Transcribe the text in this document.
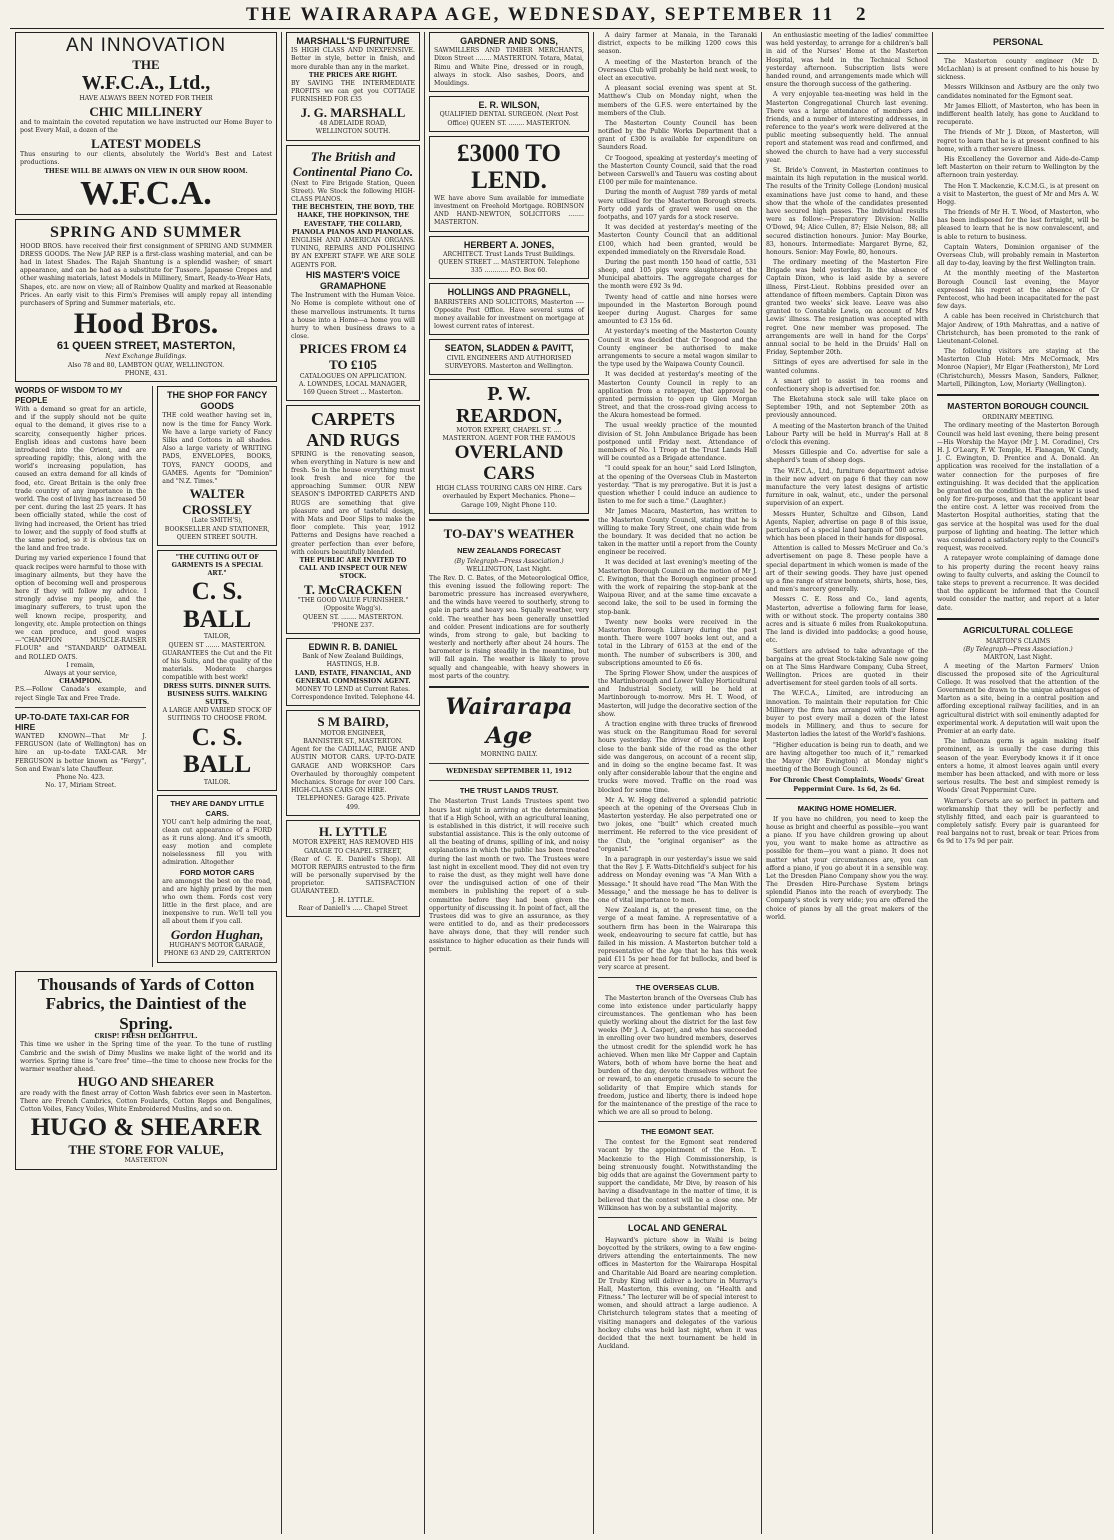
THE WAIRARAPA AGE, WEDNESDAY, SEPTEMBER 11 2
AN INNOVATION
THE
W.F.C.A., Ltd.,
HAVE ALWAYS BEEN NOTED FOR THEIR
CHIC MILLINERY
and to maintain the coveted reputation we have instructed our Home Buyer to post Every Mail, a dozen of the
LATEST MODELS
Thus ensuring to our clients, absolutely the World's Best and Latest productions.
THESE WILL BE ALWAYS ON VIEW IN OUR SHOW ROOM.
W.F.C.A.
SPRING AND SUMMER
HOOD BROS. have received their first consignment of SPRING AND SUMMER DRESS GOODS. The New JAP REP is a first-class washing material, and can be had in latest Shades. The Rajah Shantung is a splendid washer; of smart appearance, and can be had as a substitute for Tussore. Japanese Crepes and other washing materials, latest Models in Millinery, Smart, Ready-to-Wear Hats, Shapes, etc. are now on view; all of Rainbow Quality and marked at Reasonable Prices. An early visit to this Firm's Premises will amply repay all intending purchasers of Spring and Summer materials, etc.
Hood Bros.
61 QUEEN STREET, MASTERTON,
Next Exchange Buildings.
Also 78 and 80, LAMBTON QUAY, WELLINGTON.
PHONE, 431.
WORDS OF WISDOM TO MY PEOPLE
With a demand so great for an article, and if the supply should not be quite equal to the demand, it gives rise to a scarcity, consequently higher prices. English ideas and customs have been introduced into the Orient, and are spreading rapidly; this, along with the world's increasing population, has caused an extra demand for all kinds of food, etc. Great Britain is the only free trade country of any importance in the world. The cost of living has increased 50 per cent. during the last 25 years. It has been officially stated, while the cost of living had increased, the Orient has tried to lower, and the supply of food stuffs at the same period, so it is obvious tax on the land and free trade.
During my varied experience I found that quack recipes were harmful to those with imaginary ailments, but they have the option of becoming well and prosperous here if they will follow my advice. I strongly advise my people, and the imaginary sufferers, to trust upon the well known recipe, prosperity, and longevity, etc. Ample protection on things we can produce, and good wages—"CHAMPION MUSCLE-RAISER FLOUR" and "STANDARD" OATMEAL and ROLLED OATS.
I remain,
Always at your service,
CHAMPION.
P.S.—Follow Canada's example, and reject Single Tax and Free Trade.
UP-TO-DATE TAXI-CAR FOR HIRE
WANTED KNOWN—That Mr J. FERGUSON (late of Wellington) has on hire an up-to-date TAXI-CAR. Mr FERGUSON is better known as "Fergy", Son and Ewan's late Chauffeur.
Phone No. 423.
No. 17, Miriam Street.
THE SHOP FOR FANCY GOODS
THE cold weather having set in, now is the time for Fancy Work. We have a large variety of Fancy Silks and Cottons in all shades. Also a large variety of WRITING PADS, ENVELOPES, BOOKS, TOYS, FANCY GOODS, and GAMES. Agents for "Dominion" and "N.Z. Times."
WALTER CROSSLEY
(Late SMITH'S),
BOOKSELLER AND STATIONER, QUEEN STREET SOUTH.
"THE CUTTING OUT OF GARMENTS IS A SPECIAL ART."
C. S. BALL
TAILOR,
QUEEN ST ....... MASTERTON.
GUARANTEES the Cut and the Fit of his Suits, and the quality of the materials. Moderate charges compatible with best work!
DRESS SUITS. DINNER SUITS. BUSINESS SUITS. WALKING SUITS.
A LARGE AND VARIED STOCK OF SUITINGS TO CHOOSE FROM.
C. S. BALL
TAILOR.
THEY ARE DANDY LITTLE CARS.
YOU can't help admiring the neat, clean cut appearance of a FORD as it runs along. And it's smooth, easy motion and complete noiselessness fill you with admiration. Altogether
FORD MOTOR CARS
are amongst the best on the road, and are highly prized by the men who own them. Fords cost very little in the first place, and are inexpensive to run. We'll tell you all about them if you call.
Gordon Hughan,
HUGHAN'S MOTOR GARAGE,
PHONE 63 AND 29, CARTERTON
Thousands of Yards of Cotton Fabrics, the Daintiest of the Spring.
CRISP! FRESH DELIGHTFUL.
This time we usher in the Spring time of the year. To the tune of rustling Cambric and the swish of Dimy Muslins we make light of the world and its worries. Spring time is "care free" time—the time to choose new frocks for the warmer weather ahead.
HUGO AND SHEARER
are ready with the finest array of Cotton Wash fabrics ever seen in Masterton. There are French Cambrics, Cotton Foulards, Cotton Repps and Bengalines, Cotton Voiles, Fancy Voiles, White Embroidered Muslins, and so on.
HUGO & SHEARER
THE STORE FOR VALUE,
MASTERTON
MARSHALL'S FURNITURE
IS HIGH CLASS AND INEXPENSIVE. Better in style, better in finish, and more durable than any in the market.
THE PRICES ARE RIGHT.
BY SAVING THE INTERMEDIATE PROFITS we can get you COTTAGE FURNISHED FOR £35
J. G. MARSHALL
48 ADELAIDE ROAD,
WELLINGTON SOUTH.
The British and Continental Piano Co.
(Next to Fire Brigade Station, Queen Street). We Stock the following HIGH-CLASS PIANOS.
THE BECHSTEIN, THE BOYD, THE HAAKE, THE HOPKINSON, THE EAVESTAFF, THE COLLARD, PIANOLA PIANOS AND PIANOLAS.
ENGLISH AND AMERICAN ORGANS. TUNING, REPAIRS AND POLISHING BY AN EXPERT STAFF. WE ARE SOLE AGENTS FOR.
HIS MASTER'S VOICE GRAMAPHONE
The Instrument with the Human Voice. No Home is complete without one of these marvellous instruments. It turns a house into a Home—a home you will hurry to when business draws to a close.
PRICES FROM £4 TO £105
CATALOGUES ON APPLICATION.
A. LOWNDES, LOCAL MANAGER,
169 Queen Street ... Masterton.
CARPETS AND RUGS
SPRING is the renovating season, when everything in Nature is new and fresh. So in the house everything must look fresh and nice for the approaching Summer. OUR NEW SEASON'S IMPORTED CARPETS AND RUGS are something that give pleasure and are of tasteful design, with Mats and Door Slips to make the floor complete. This year, 1912 Patterns and Designs have reached a greater perfection than ever before, with colours beautifully blended.
THE PUBLIC ARE INVITED TO CALL AND INSPECT OUR NEW STOCK.
T. McCRACKEN
"THE GOOD VALUE FURNISHER."
(Opposite Wagg's).
QUEEN ST. ........ MASTERTON.
'PHONE 237.
EDWIN R. B. DANIEL
Bank of New Zealand Buildings, HASTINGS, H.B.
LAND, ESTATE, FINANCIAL, AND GENERAL COMMISSION AGENT.
MONEY TO LEND at Current Rates.
Correspondence Invited. Telephone 44.
S M BAIRD,
MOTOR ENGINEER,
BANNISTER ST., MASTERTON.
Agent for the CADILLAC, PAIGE AND AUSTIN MOTOR CARS. UP-TO-DATE GARAGE AND WORKSHOP. Cars Overhauled by thoroughly competent Mechanics. Storage for over 100 Cars. HIGH-CLASS CARS ON HIRE.
TELEPHONES: Garage 425. Private 499.
H. LYTTLE
MOTOR EXPERT, HAS REMOVED HIS GARAGE TO CHAPEL STREET,
(Rear of C. E. Daniell's Shop). All MOTOR REPAIRS entrusted to the firm will be personally supervised by the proprietor. SATISFACTION GUARANTEED.
J. H. LYTTLE.
Rear of Daniell's ..... Chapel Street
GARDNER AND SONS,
SAWMILLERS AND TIMBER MERCHANTS, Dixon Street ........ MASTERTON. Totara, Matai, Rimu and White Pine, dressed or in rough, always in stock. Also sashes, Doors, and Mouldings.
E. R. WILSON,
QUALIFIED DENTAL SURGEON. (Next Post Office) QUEEN ST. ........ MASTERTON.
£3000 TO LEND.
WE have above Sum available for immediate investment on Freehold Mortgage. ROBINSON AND HAND-NEWTON, SOLICITORS ........ MASTERTON.
HERBERT A. JONES,
ARCHITECT. Trust Lands Trust Buildings. QUEEN STREET ... MASTERTON. Telephone 335 ............ P.O. Box 60.
HOLLINGS AND PRAGNELL,
BARRISTERS AND SOLICITORS, Masterton ---- Opposite Post Office. Have several sums of money available for investment on mortgage at lowest current rates of interest.
SEATON, SLADDEN & PAVITT,
CIVIL ENGINEERS AND AUTHORISED SURVEYORS. Masterton and Wellington.
P. W. REARDON,
MOTOR EXPERT, CHAPEL ST. .... MASTERTON. AGENT FOR THE FAMOUS
OVERLAND CARS
HIGH CLASS TOURING CARS ON HIRE. Cars overhauled by Expert Mechanics. Phone—Garage 109, Night Phone 110.
TO-DAY'S WEATHER
NEW ZEALANDS FORECAST
(By Telegraph—Press Association.)
WELLINGTON, Last Night.
The Rev. D. C. Bates, of the Meteorological Office, this evening issued the following report: The barometric pressure has increased everywhere, and the winds have veered to southerly, strong to gale in parts and heavy sea. Squally weather, very cold. The weather has been generally unsettled and colder. Present indications are for southerly winds, from strong to gale, but backing to westerly and northerly after about 24 hours. The barometer is rising steadily in the meantime, but will fall again. The weather is likely to prove squally and changeable, with heavy showers in most parts of the country.
Wairarapa Age
MORNING DAILY.
WEDNESDAY SEPTEMBER 11, 1912
THE TRUST LANDS TRUST.
The Masterton Trust Lands Trustees spent two hours last night in arriving at the determination that if a High School, with an agricultural leaning, is established in this district, it will receive such substantial assistance. This is the only outcome of all the beating of drums, spilling of ink, and noisy explanations in which the public has been treated during the last month or two. The Trustees were last night in excellent mood. They did not even try to raise the dust, as they might well have done over the undisguised action of one of their members in publishing the report of a sub-committee before they had been given the opportunity of discussing it. In point of fact, all the Trustees did was to give an assurance, as they were entitled to do, and as their predecessors have always done, that they will render such assistance to higher education as their funds will permit.

A dairy farmer at Manaia, in the Taranaki district, expects to be milking 1200 cows this season.

A meeting of the Masterton branch of the Overseas Club will probably be held next week, to elect an executive.

A pleasant social evening was spent at St. Matthew's Club on Monday night, when the members of the G.F.S. were entertained by the members of the Club.

The Masterton County Council has been notified by the Public Works Department that a grant of £300 is available for expenditure on Saunders Road.

Cr Toogood, speaking at yesterday's meeting of the Masterton County Council, said that the road between Carswell's and Taueru was costing about £100 per mile for maintenance.

During the month of August 789 yards of metal were utilised for the Masterton Borough streets. Forty odd yards of gravel were used on the footpaths, and 107 yards for a stock reserve.

It was decided at yesterday's meeting of the Masterton County Council that an additional £100, which had been granted, would be expended immediately on the Riversdale Road.

During the past month 150 head of cattle, 531 sheep, and 105 pigs were slaughtered at the Municipal abattoirs. The aggregate charges for the month were £92 3s 9d.

Twenty head of cattle and nine horses were impounded in the Masterton Borough pound keeper during August. Charges for same amounted to £3 15s 6d.

At yesterday's meeting of the Masterton County Council it was decided that Cr Toogood and the County engineer be authorised to make arrangements to secure a metal wagon similar to the type used by the Waipawa County Council.

It was decided at yesterday's meeting of the Masterton County Council in reply to an application from a ratepayer, that approval be granted permission to open up Glen Morgan Street, and that the cross-road giving access to the Akura homestead be formed.

The usual weekly practice of the mounted division of St. John Ambulance Brigade has been postponed until Friday next. Attendance of members of No. 1 Troop at the Trust Lands Hall will be counted as a Brigade attendance.

"I could speak for an hour," said Lord Islington, at the opening of the Overseas Club in Masterton yesterday. "That is my prerogative. But it is just a question whether I could induce an audience to listen to me for such a time." (Laughter.)

Mr James Macara, Masterton, has written to the Masterton County Council, stating that he is willing to make Tory Street, one chain wide from the boundary. It was decided that no action be taken in the matter until a report from the County engineer be received.

It was decided at last evening's meeting of the Masterton Borough Council on the motion of Mr J. C. Ewington, that the Borough engineer proceed with the work of repairing the stop-bank at the Waipoua River, and at the same time excavate a second lake, the soil to be used in forming the stop-bank.

Twenty new books were received in the Masterton Borough Library during the past month. There were 1007 books lent out, and a total in the Library of 6153 at the end of the month. The number of subscribers is 300, and subscriptions amounted to £6 6s.

The Spring Flower Show, under the auspices of the Martinborough and Lower Valley Horticultural and Industrial Society, will be held at Martinborough to-morrow. Mrs H. T. Wood, of Masterton, will judge the decorative section of the show.

A traction engine with three trucks of firewood was stuck on the Rangitumau Road for several hours yesterday. The driver of the engine kept close to the bank side of the road as the other side was dangerous, on account of a recent slip, and in doing so the engine became fast. It was only after considerable labour that the engine and trucks were moved. Traffic on the road was blocked for some time.

Mr A. W. Hogg delivered a splendid patriotic speech at the opening of the Overseas Club in Masterton yesterday. He also perpetrated one or two jokes, one "built" which created much merriment. He referred to the vice president of the Club, the "original organiser" as the "organist."

In a paragraph in our yesterday's issue we said that the Rev J. F. Watts-Ditchfield's subject for his address on Monday evening was "A Man With a Message." It should have read "The Man With the Message," and the message he has to deliver is one of vital importance to men.

New Zealand is, at the present time, on the verge of a meat famine. A representative of a southern firm has been in the Wairarapa this week, endeavouring to secure fat cattle, but has failed in his mission. A Masterton butcher told a representative of the Age that he has this week paid £11 5s per head for fat bullocks, and beef is very scarce at present.

THE OVERSEAS CLUB.

The Masterton branch of the Overseas Club has come into existence under particularly happy circumstances. The gentleman who has been quietly working about the district for the last few weeks (Mr J. A. Casper), and who has succeeded in enrolling over two hundred members, deserves the utmost credit for the splendid work he has achieved. When men like Mr Capper and Captain Waters, both of whom have borne the heat and burden of the day, devote themselves without fee or reward, to an energetic crusade to secure the solidarity of that Empire which stands for freedom, justice and liberty, there is indeed hope for the maintenance of the prestige of the race to which we are all so proud to belong.

THE EGMONT SEAT.

The contest for the Egmont seat rendered vacant by the appointment of the Hon. T. Mackenzie to the High Commissionership, is being strenuously fought. Notwithstanding the big odds that are against the Government party to support the candidate, Mr Dive, by reason of his having a disadvantage in the matter of time, it is believed that the contest will be a close one. Mr Wilkinson has won by a substantial majority.

LOCAL AND GENERAL

Hayward's picture show in Waihi is being boycotted by the strikers, owing to a few engine-drivers attending the entertainments. The new offices in Masterton for the Wairarapa Hospital and Charitable Aid Board are nearing completion. Dr Truby King will deliver a lecture in Murray's Hall, Masterton, this evening, on "Health and Fitness." The lecturer will be of special interest to women, and should attract a large audience. A Christchurch telegram states that a meeting of visiting managers and delegates of the various hockey clubs was held last night, when it was decided that the next tournament be held in Auckland.

An enthusiastic meeting of the ladies' committee was held yesterday, to arrange for a children's ball in aid of the Nurses' Home at the Masterton Hospital, was held in the Technical School yesterday afternoon. Subscription lists were handed round, and arrangements made which will ensure the thorough success of the gathering.

A very enjoyable tea-meeting was held in the Masterton Congregational Church last evening. There was a large attendance of members and friends, and a number of interesting addresses, in reference to the year's work were delivered at the public meeting subsequently held. The annual report and statement was read and confirmed, and showed the church to have had a very successful year.

St. Bride's Convent, in Masterton continues to maintain its high reputation in the musical world. The results of the Trinity College (London) musical examinations have just come to hand, and these show that the whole of the candidates presented have secured high passes. The individual results were as follow:—Preparatory Division: Nellie O'Dowd, 94; Alice Cullen, 87; Elsie Nelson, 88; all secured distinction honours. Junior: May Bourke, 83, honours. Intermediate: Margaret Byrne, 82, honours. Senior: May Fowle, 80, honours.

The ordinary meeting of the Masterton Fire Brigade was held yesterday. In the absence of Captain Dixon, who is laid aside by a severe illness, First-Lieut. Robbins presided over an attendance of fifteen members. Captain Dixon was granted two weeks' sick leave. Leave was also granted to Constable Lewis, on account of Mrs Lewis' illness. The resignation was accepted with regret. One new member was proposed. The arrangements are well in hand for the Corps' annual social to be held in the Druids' Hall on Friday, September 20th.

Sittings of eyes are advertised for sale in the wanted columns.

A smart girl to assist in tea rooms and confectionery shop is advertised for.

The Eketahuna stock sale will take place on September 19th, and not September 20th as previously announced.

A meeting of the Masterton branch of the United Labour Party will be held in Murray's Hall at 8 o'clock this evening.

Messrs Gillespie and Co. advertise for sale a shepherd's team of sheep dogs.

The W.F.C.A., Ltd., furniture department advise in their new advert on page 6 that they can now manufacture the very latest designs of artistic furniture in oak, walnut, etc., under the personal supervision of an expert.

Messrs Hunter, Schultze and Gibson, Land Agents, Napier, advertise on page 8 of this issue, particulars of a special land bargain of 500 acres, which has been placed in their hands for disposal.

Attention is called to Messrs McGruer and Co.'s advertisement on page 8. These people have a special department in which women is made of the art of their sewing goods. They have just opened up a fine range of straw bonnets, shirts, hose, ties, and men's mercery generally.

Messrs C. E. Ross and Co., land agents, Masterton, advertise a following farm for lease, with or without stock. The property contains 380 acres and is situate 6 miles from Ruakokoputuna. The land is divided into paddocks; a good house, etc.

Settlers are advised to take advantage of the bargains at the great Stock-taking Sale now going on at The Sims Hardware Company, Cuba Street, Wellington. Prices are quoted in their advertisement for steel garden tools of all sorts.

The W.F.C.A., Limited, are introducing an innovation. To maintain their reputation for Chic Millinery the firm has arranged with their Home buyer to post every mail a dozen of the latest models in Millinery, and thus to secure for Masterton ladies the latest of the World's fashions.

"Higher education is being run to death, and we are having altogether too much of it," remarked the Mayor (Mr Ewington) at Monday night's meeting of the Borough Council.

For Chronic Chest Complaints, Woods' Great Peppermint Cure. 1s 6d, 2s 6d.
MAKING HOME HOMELIER.

If you have no children, you need to keep the house as bright and cheerful as possible—you want a piano. If you have children growing up about you, you want to make home as attractive as possible for them—you want a piano. It does not matter what your circumstances are, you can afford a piano, if you go about it in a sensible way. Let the Dresden Piano Company show you the way. The Dresden Hire-Purchase System brings splendid Pianos into the reach of everybody. The Company's stock is very wide; you are offered the choice of pianos by all the great makers of the world.

PERSONAL

The Masterton county engineer (Mr D. McLachlan) is at present confined to his house by sickness.

Messrs Wilkinson and Astbury are the only two candidates nominated for the Egmont seat.

Mr James Elliott, of Masterton, who has been in indifferent health lately, has gone to Auckland to recuperate.

The friends of Mr J. Dixon, of Masterton, will regret to learn that he is at present confined to his home, with a rather severe illness.

His Excellency the Governor and Aide-de-Camp left Masterton on their return to Wellington by the afternoon train yesterday.

The Hon T. Mackenzie, K.C.M.G., is at present on a visit to Masterton, the guest of Mr and Mrs A. W. Hogg.

The friends of Mr H. T. Wood, of Masterton, who has been indisposed for the last fortnight, will be pleased to learn that he is now convalescent, and is able to return to business.

Captain Waters, Dominion organiser of the Overseas Club, will probably remain in Masterton all day to-day, leaving by the first Wellington train.

At the monthly meeting of the Masterton Borough Council last evening, the Mayor expressed his regret at the absence of Cr Pentecost, who had been incapacitated for the past few days.

A cable has been received in Christchurch that Major Andrew, of 19th Mahrattas, and a native of Christchurch, has been promoted to the rank of Lieutenant-Colonel.

The following visitors are staying at the Masterton Club Hotel: Mrs McCormack, Mrs Monroe (Napier), Mr Elgar (Featherston), Mr Lord (Christchurch), Messrs Mason, Sanders, Falkner, Martell, Pilkington, Low, Moriarty (Wellington).

MASTERTON BOROUGH COUNCIL
ORDINARY MEETING.

The ordinary meeting of the Masterton Borough Council was held last evening, there being present—His Worship the Mayor (Mr J. M. Coradine), Crs H. J. O'Leary, F. W. Temple, H. Flanagan, W. Candy, J. C. Ewington, D. Prentice and A. Donald. An application was received for the installation of a water connection for the purposes of fire extinguishing. It was decided that the application be granted on the condition that the water is used only for fire-purposes, and that the applicant bear the entire cost. A letter was received from the Masterton Hospital authorities, stating that the gas service at the hospital was used for the dual purpose of lighting and heating. The letter which was considered a satisfactory reply to the Council's request, was received.

A ratepayer wrote complaining of damage done to his property during the recent heavy rains owing to faulty culverts, and asking the Council to take steps to prevent a recurrence. It was decided that the applicant be informed that the Council would consider the matter, and report at a later date.

AGRICULTURAL COLLEGE
MARTON'S CLAIMS
(By Telegraph—Press Association.)
MARTON, Last Night.

A meeting of the Marton Farmers' Union discussed the proposed site of the Agricultural College. It was resolved that the attention of the Government be drawn to the unique advantages of Marton as a site, being in a central position and affording exceptional railway facilities, and in an agricultural district with soil eminently adapted for experimental work. A deputation will wait upon the Premier at an early date.

The influenza germ is again making itself prominent, as is usually the case during this season of the year. Everybody knows it if it once enters a home, it almost leaves again until every member has been attacked, and with more or less serious results. The best and simplest remedy is Woods' Great Peppermint Cure.

Warner's Corsets are so perfect in pattern and workmanship that they will be perfectly and stylishly fitted, and each pair is guaranteed to completely satisfy. Every pair is guaranteed for real bargains not to rust, break or tear. Prices from 6s 9d to 17s 9d per pair.
